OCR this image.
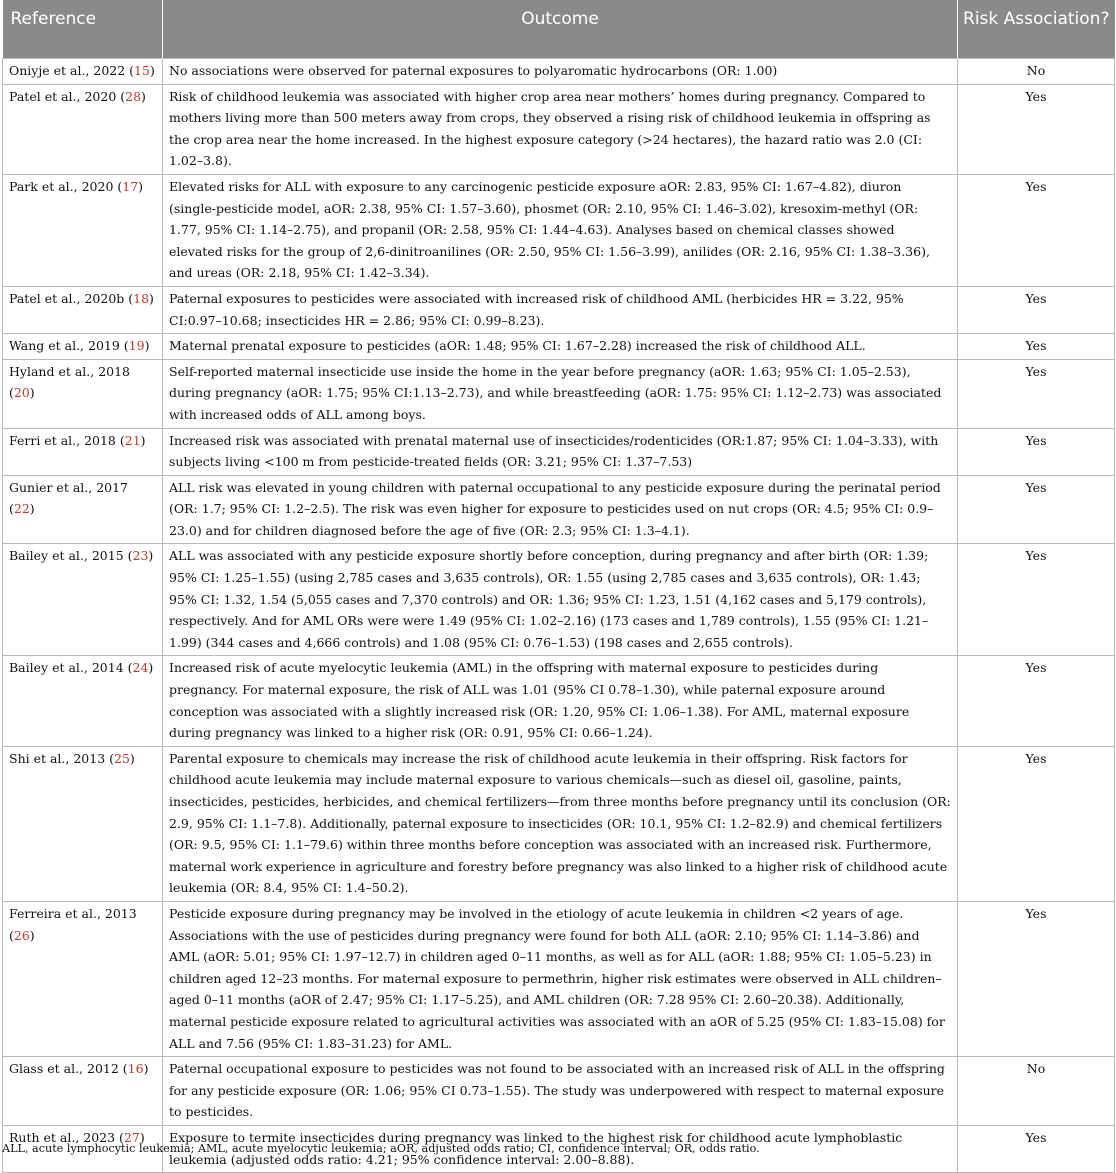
Reference	Outcome	Risk Association?
Oniyje et al., 2022 (15)	No associations were observed for paternal exposures to polyaromatic hydrocarbons (OR: 1.00)	No
Patel et al., 2020 (28)	Risk of childhood leukemia was associated with higher crop area near mothers’ homes during pregnancy. Compared to mothers living more than 500 meters away from crops, they observed a rising risk of childhood leukemia in offspring as the crop area near the home increased. In the highest exposure category (>24 hectares), the hazard ratio was 2.0 (CI: 1.02–3.8).	Yes
Park et al., 2020 (17)	Elevated risks for ALL with exposure to any carcinogenic pesticide exposure aOR: 2.83, 95% CI: 1.67–4.82), diuron (single-pesticide model, aOR: 2.38, 95% CI: 1.57–3.60), phosmet (OR: 2.10, 95% CI: 1.46–3.02), kresoxim-methyl (OR: 1.77, 95% CI: 1.14–2.75), and propanil (OR: 2.58, 95% CI: 1.44–4.63). Analyses based on chemical classes showed elevated risks for the group of 2,6-dinitroanilines (OR: 2.50, 95% CI: 1.56–3.99), anilides (OR: 2.16, 95% CI: 1.38–3.36), and ureas (OR: 2.18, 95% CI: 1.42–3.34).	Yes
Patel et al., 2020b (18)	Paternal exposures to pesticides were associated with increased risk of childhood AML (herbicides HR = 3.22, 95% CI:0.97–10.68; insecticides HR = 2.86; 95% CI: 0.99–8.23).	Yes
Wang et al., 2019 (19)	Maternal prenatal exposure to pesticides (aOR: 1.48; 95% CI: 1.67–2.28) increased the risk of childhood ALL.	Yes
Hyland et al., 2018 (20)	Self-reported maternal insecticide use inside the home in the year before pregnancy (aOR: 1.63; 95% CI: 1.05–2.53), during pregnancy (aOR: 1.75; 95% CI:1.13–2.73), and while breastfeeding (aOR: 1.75: 95% CI: 1.12–2.73) was associated with increased odds of ALL among boys.	Yes
Ferri et al., 2018 (21)	Increased risk was associated with prenatal maternal use of insecticides/rodenticides (OR:1.87; 95% CI: 1.04–3.33), with subjects living <100 m from pesticide-treated fields (OR: 3.21; 95% CI: 1.37–7.53)	Yes
Gunier et al., 2017 (22)	ALL risk was elevated in young children with paternal occupational to any pesticide exposure during the perinatal period (OR: 1.7; 95% CI: 1.2–2.5). The risk was even higher for exposure to pesticides used on nut crops (OR: 4.5; 95% CI: 0.9–23.0) and for children diagnosed before the age of five (OR: 2.3; 95% CI: 1.3–4.1).	Yes
Bailey et al., 2015 (23)	ALL was associated with any pesticide exposure shortly before conception, during pregnancy and after birth (OR: 1.39; 95% CI: 1.25–1.55) (using 2,785 cases and 3,635 controls), OR: 1.55 (using 2,785 cases and 3,635 controls), OR: 1.43; 95% CI: 1.32, 1.54 (5,055 cases and 7,370 controls) and OR: 1.36; 95% CI: 1.23, 1.51 (4,162 cases and 5,179 controls), respectively. And for AML ORs were were 1.49 (95% CI: 1.02–2.16) (173 cases and 1,789 controls), 1.55 (95% CI: 1.21–1.99) (344 cases and 4,666 controls) and 1.08 (95% CI: 0.76–1.53) (198 cases and 2,655 controls).	Yes
Bailey et al., 2014 (24)	Increased risk of acute myelocytic leukemia (AML) in the offspring with maternal exposure to pesticides during pregnancy. For maternal exposure, the risk of ALL was 1.01 (95% CI 0.78–1.30), while paternal exposure around conception was associated with a slightly increased risk (OR: 1.20, 95% CI: 1.06–1.38). For AML, maternal exposure during pregnancy was linked to a higher risk (OR: 0.91, 95% CI: 0.66–1.24).	Yes
Shi et al., 2013 (25)	Parental exposure to chemicals may increase the risk of childhood acute leukemia in their offspring. Risk factors for childhood acute leukemia may include maternal exposure to various chemicals—such as diesel oil, gasoline, paints, insecticides, pesticides, herbicides, and chemical fertilizers—from three months before pregnancy until its conclusion (OR: 2.9, 95% CI: 1.1–7.8). Additionally, paternal exposure to insecticides (OR: 10.1, 95% CI: 1.2–82.9) and chemical fertilizers (OR: 9.5, 95% CI: 1.1–79.6) within three months before conception was associated with an increased risk. Furthermore, maternal work experience in agriculture and forestry before pregnancy was also linked to a higher risk of childhood acute leukemia (OR: 8.4, 95% CI: 1.4–50.2).	Yes
Ferreira et al., 2013 (26)	Pesticide exposure during pregnancy may be involved in the etiology of acute leukemia in children <2 years of age. Associations with the use of pesticides during pregnancy were found for both ALL (aOR: 2.10; 95% CI: 1.14–3.86) and AML (aOR: 5.01; 95% CI: 1.97–12.7) in children aged 0–11 months, as well as for ALL (aOR: 1.88; 95% CI: 1.05–5.23) in children aged 12–23 months. For maternal exposure to permethrin, higher risk estimates were observed in ALL children–aged 0–11 months (aOR of 2.47; 95% CI: 1.17–5.25), and AML children (OR: 7.28 95% CI: 2.60–20.38). Additionally, maternal pesticide exposure related to agricultural activities was associated with an aOR of 5.25 (95% CI: 1.83–15.08) for ALL and 7.56 (95% CI: 1.83–31.23) for AML.	Yes
Glass et al., 2012 (16)	Paternal occupational exposure to pesticides was not found to be associated with an increased risk of ALL in the offspring for any pesticide exposure (OR: 1.06; 95% CI 0.73–1.55). The study was underpowered with respect to maternal exposure to pesticides.	No
Ruth et al., 2023 (27)	Exposure to termite insecticides during pregnancy was linked to the highest risk for childhood acute lymphoblastic leukemia (adjusted odds ratio: 4.21; 95% confidence interval: 2.00–8.88).	Yes
ALL, acute lymphocytic leukemia; AML, acute myelocytic leukemia; aOR, adjusted odds ratio; CI, confidence interval; OR, odds ratio.
